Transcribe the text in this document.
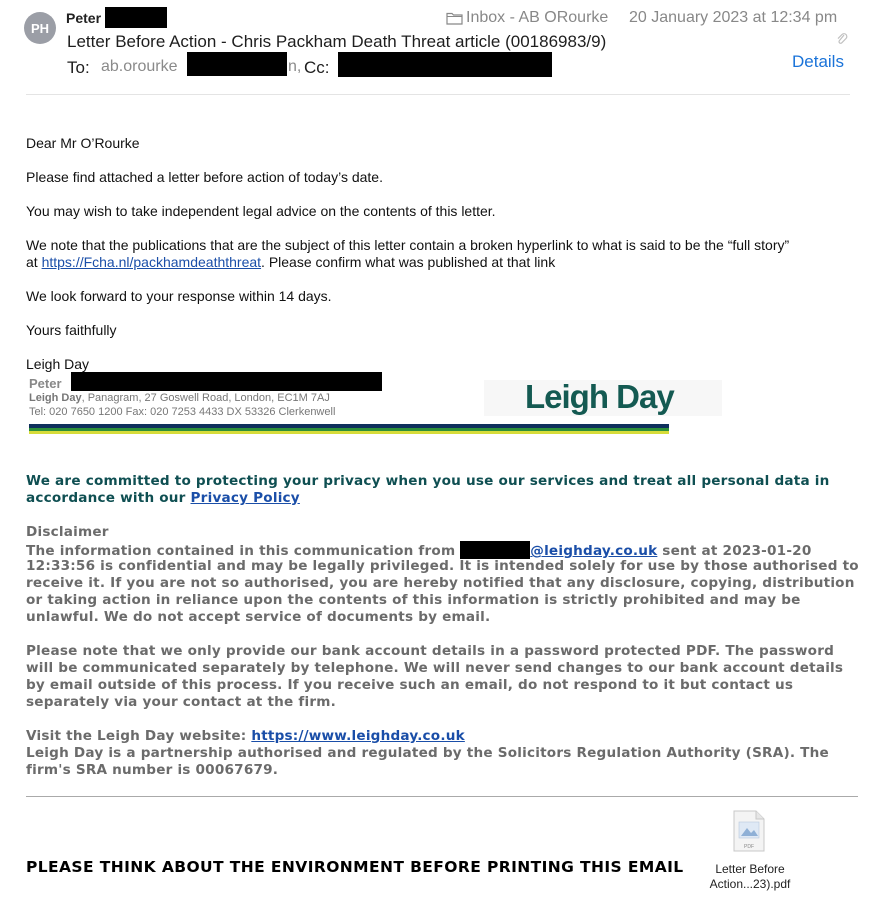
PH
Peter	Inbox - AB ORourke 20 January 2023 at 12:34 pm
Letter Before Action - Chris Packham Death Threat article (00186983/9)
To: ab.orourke	n, Cc:	Details
Dear Mr O’Rourke
Please find attached a letter before action of today’s date.
You may wish to take independent legal advice on the contents of this letter.
We note that the publications that are the subject of this letter contain a broken hyperlink to what is said to be the “full story”
at https://Fcha.nl/packhamdeaththreat. Please confirm what was published at that link
We look forward to your response within 14 days.
Yours faithfully
Leigh Day
Peter
Leigh Day, Panagram, 27 Goswell Road, London, EC1M 7AJ
Tel: 020 7650 1200 Fax: 020 7253 4433 DX 53326 Clerkenwell	Leigh Day
We are committed to protecting your privacy when you use our services and treat all personal data in
accordance with our Privacy Policy
Disclaimer
The information contained in this communication from	@leighday.co.uk sent at 2023-01-20
12:33:56 is confidential and may be legally privileged. It is intended solely for use by those authorised to
receive it. If you are not so authorised, you are hereby notified that any disclosure, copying, distribution
or taking action in reliance upon the contents of this information is strictly prohibited and may be
unlawful. We do not accept service of documents by email.
Please note that we only provide our bank account details in a password protected PDF. The password
will be communicated separately by telephone. We will never send changes to our bank account details
by email outside of this process. If you receive such an email, do not respond to it but contact us
separately via your contact at the firm.
Visit the Leigh Day website: https://www.leighday.co.uk
Leigh Day is a partnership authorised and regulated by the Solicitors Regulation Authority (SRA). The
firm's SRA number is 00067679.
PLEASE THINK ABOUT THE ENVIRONMENT BEFORE PRINTING THIS EMAIL
PDF
Letter Before
Action...23).pdf
